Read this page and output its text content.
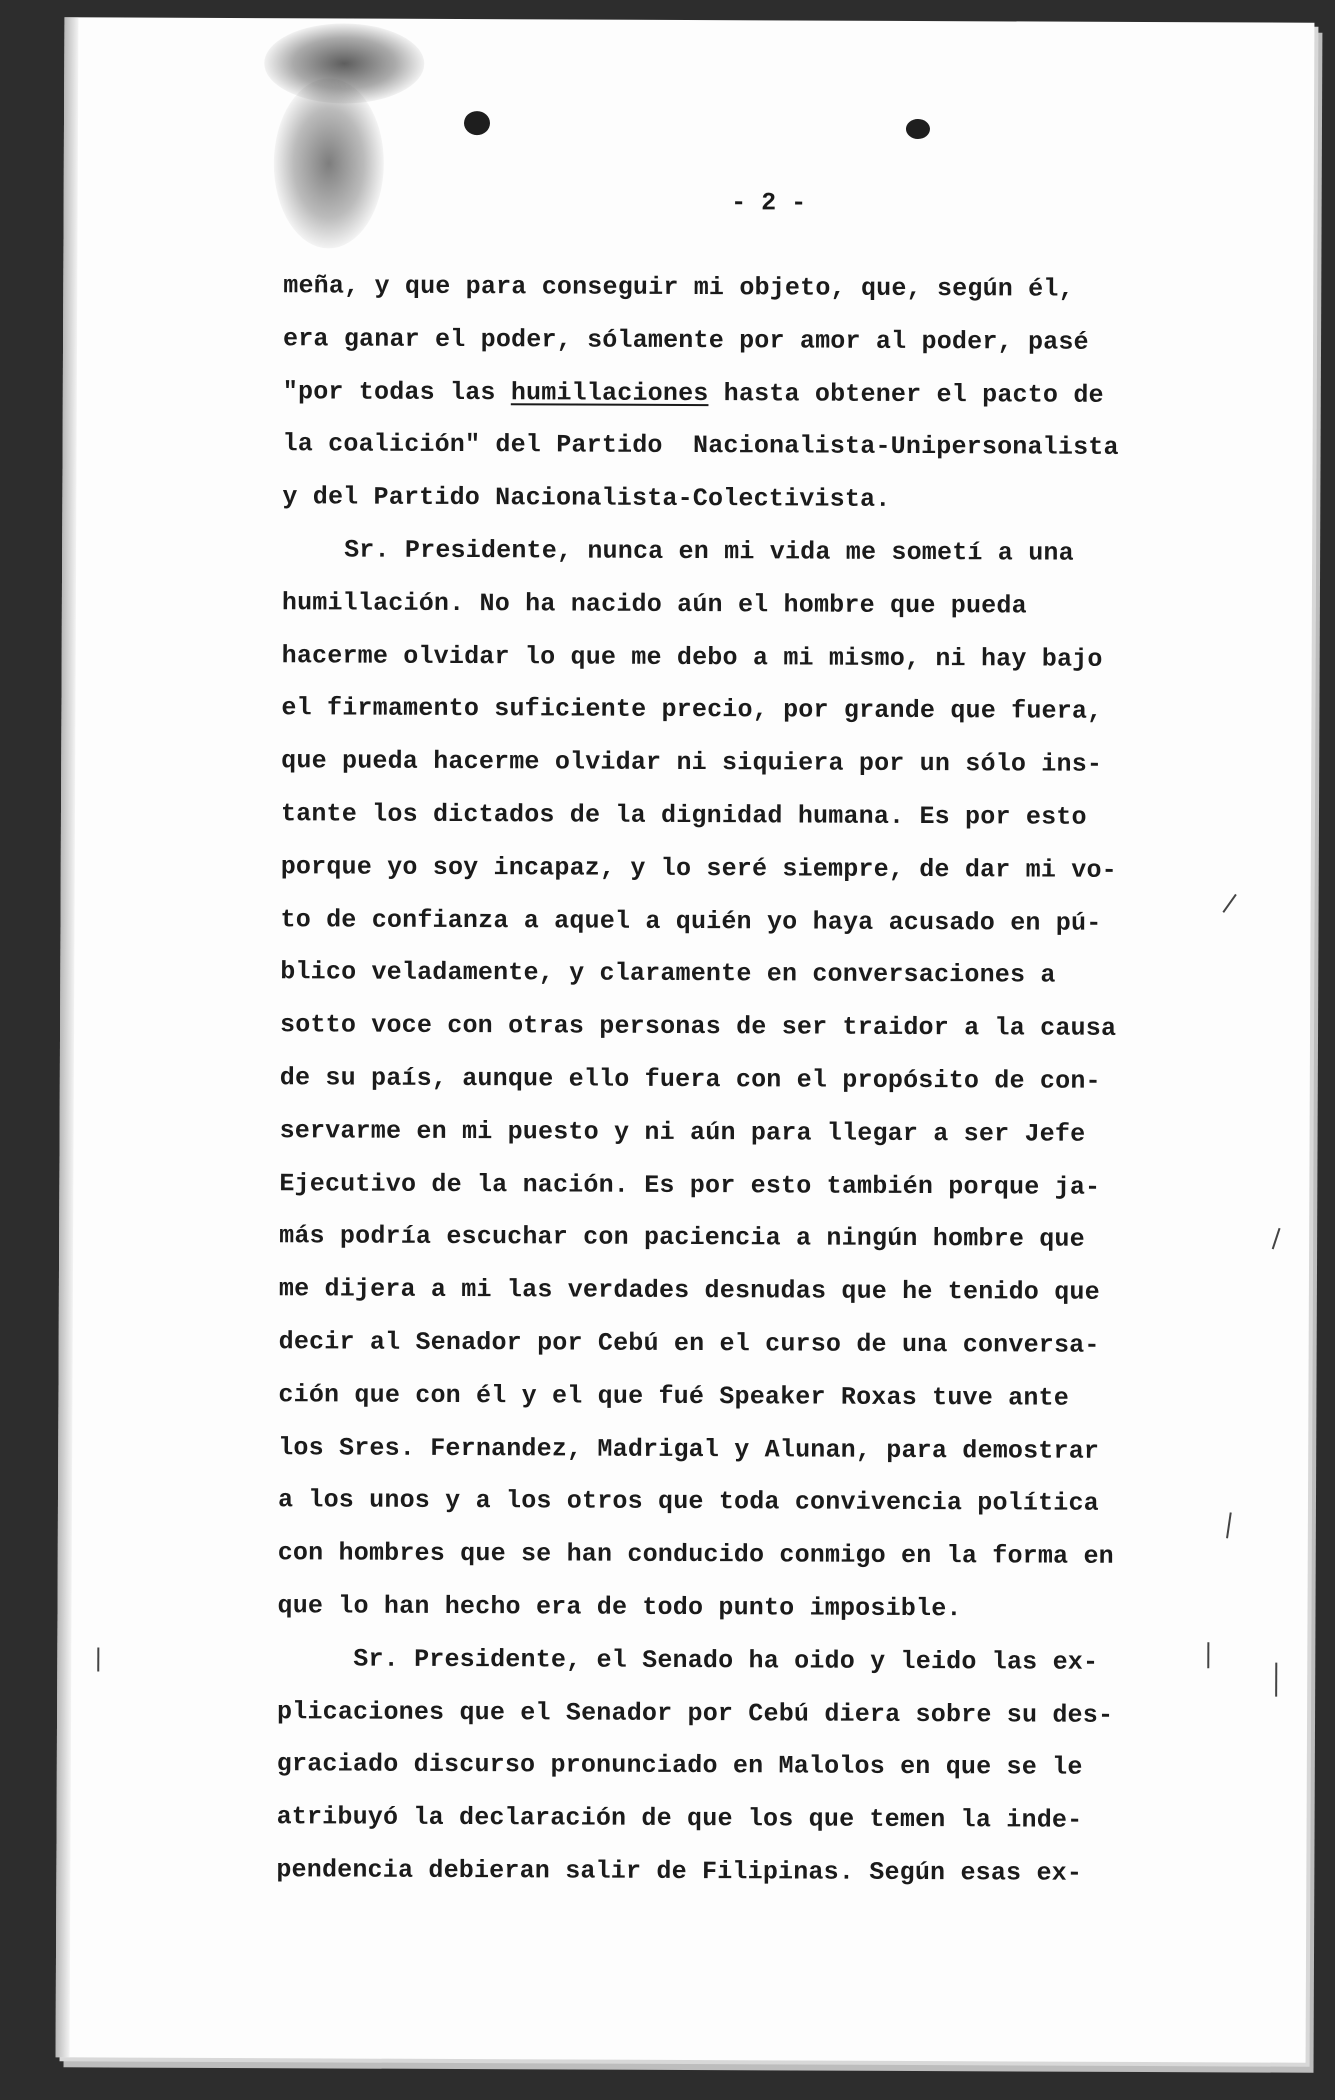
- 2 -
meña, y que para conseguir mi objeto, que, según él,
era ganar el poder, sólamente por amor al poder, pasé
"por todas las humillaciones hasta obtener el pacto de
la coalición" del Partido  Nacionalista-Unipersonalista
y del Partido Nacionalista-Colectivista.
Sr. Presidente, nunca en mi vida me sometí a una
humillación. No ha nacido aún el hombre que pueda
hacerme olvidar lo que me debo a mi mismo, ni hay bajo
el firmamento suficiente precio, por grande que fuera,
que pueda hacerme olvidar ni siquiera por un sólo ins-
tante los dictados de la dignidad humana. Es por esto
porque yo soy incapaz, y lo seré siempre, de dar mi vo-
to de confianza a aquel a quién yo haya acusado en pú-
blico veladamente, y claramente en conversaciones a
sotto voce con otras personas de ser traidor a la causa
de su país, aunque ello fuera con el propósito de con-
servarme en mi puesto y ni aún para llegar a ser Jefe
Ejecutivo de la nación. Es por esto también porque ja-
más podría escuchar con paciencia a ningún hombre que
me dijera a mi las verdades desnudas que he tenido que
decir al Senador por Cebú en el curso de una conversa-
ción que con él y el que fué Speaker Roxas tuve ante
los Sres. Fernandez, Madrigal y Alunan, para demostrar
a los unos y a los otros que toda convivencia política
con hombres que se han conducido conmigo en la forma en
que lo han hecho era de todo punto imposible.
Sr. Presidente, el Senado ha oido y leido las ex-
plicaciones que el Senador por Cebú diera sobre su des-
graciado discurso pronunciado en Malolos en que se le
atribuyó la declaración de que los que temen la inde-
pendencia debieran salir de Filipinas. Según esas ex-
